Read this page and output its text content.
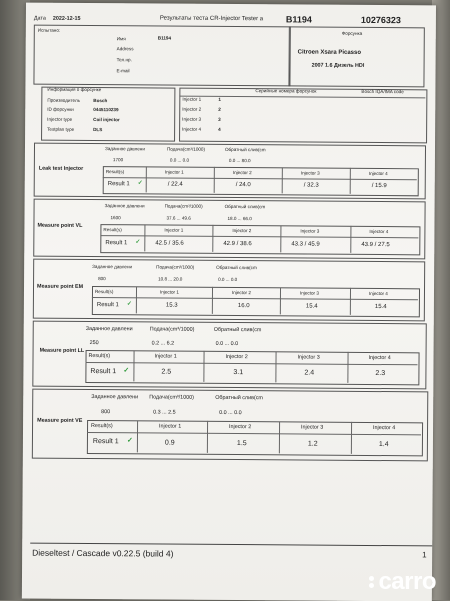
Дата 2022-12-15	Результаты теста CR-Injector Tester a	B1194	10276323
Испытано:
Имя	B1194
Address
Тел.нр.
E-mail
Форсунка
Citroen Xsara Picasso
2007 1.6 Дизель HDI
Информация о форсунке
Производитель	Bosch
ID форсунки	0445110239
Injector type	Coil injector
Testplan type	DLS
Серийные номера форсунок	Bosch IQA/IMA code
Injector 1	1
Injector 2	2
Injector 3	3
Injector 4	4
Leak test Injector
Заданное давлени	Подача(cm³/1000)	Обратный слив(cm
1700	0.0 ... 0.0	0.0 ... 80.0
Result(s)	Injector 1	Injector 2	Injector 3	Injector 4
Result 1 ✓	/ 22.4	/ 24.0	/ 32.3	/ 15.9
Measure point VL
Заданное давлени	Подача(cm³/1000)	Обратный слив(cm
1600	37.6 ... 49.6	18.0 ... 66.0
Result(s)	Injector 1	Injector 2	Injector 3	Injector 4
Result 1 ✓ 42.5 / 35.6	42.9 / 38.6	43.3 / 45.9	43.9 / 27.5
Measure point EM
Заданное давлени	Подача(cm³/1000)	Обратный слив(cm
800	10.8 ... 20.0	0.0 ... 0.0
Result(s)	Injector 1	Injector 2	Injector 3	Injector 4
Result 1 ✓	15.3	16.0	15.4	15.4
Measure point LL
Заданное давлени	Подача(cm³/1000)	Обратный слив(cm
250	0.2 ... 6.2	0.0 ... 0.0
Result(s)	Injector 1	Injector 2	Injector 3	Injector 4
Result 1 ✓	2.5	3.1	2.4	2.3
Measure point VE
Заданное давлени Подача(cm³/1000)	Обратный слив(cm
800	0.3 ... 2.5	0.0 ... 0.0
Result(s)	Injector 1	Injector 2	Injector 3	Injector 4
Result 1 ✓	0.9	1.5	1.2	1.4
Dieseltest / Cascade v0.22.5 (build 4)	1
carro
